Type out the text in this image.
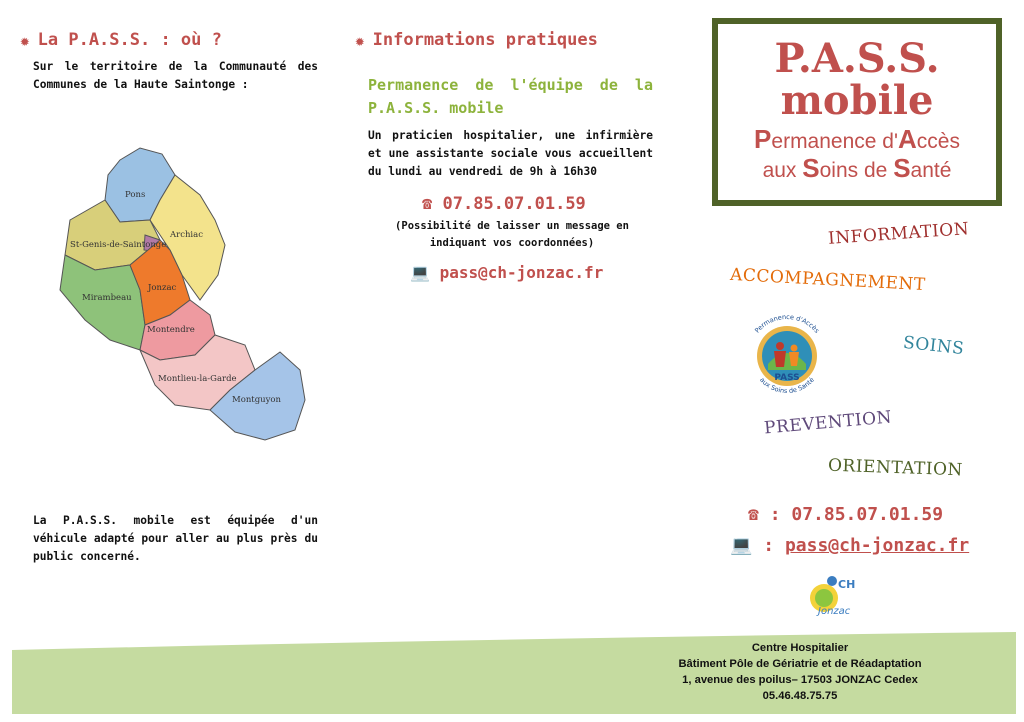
✹ La P.A.S.S. : où ?
Sur le territoire de la Communauté des Communes de la Haute Saintonge :
Pons
Archiac
St-Genis-de-Saintonge
Jonzac
Mirambeau
Montendre
Montlieu-la-Garde
Montguyon
La P.A.S.S. mobile est équipée d'un véhicule adapté pour aller au plus près du public concerné.
✹ Informations pratiques
Permanence de l'équipe de la P.A.S.S. mobile
Un praticien hospitalier, une infirmière et une assistante sociale vous accueillent du lundi au vendredi de 9h à 16h30
☎ 07.85.07.01.59
(Possibilité de laisser un message en indiquant vos coordonnées)
💻 pass@ch-jonzac.fr
P.A.S.S.
mobile
Permanence d'Accès
aux Soins de Santé
INFORMATION
ACCOMPAGNEMENT
SOINS
PREVENTION
ORIENTATION
PASS
Permanence d'Accès
aux Soins de Santé
☎ : 07.85.07.01.59
💻 : pass@ch-jonzac.fr
CH
Jonzac
Centre Hospitalier
Bâtiment Pôle de Gériatrie et de Réadaptation
1, avenue des poilus– 17503 JONZAC Cedex
05.46.48.75.75
